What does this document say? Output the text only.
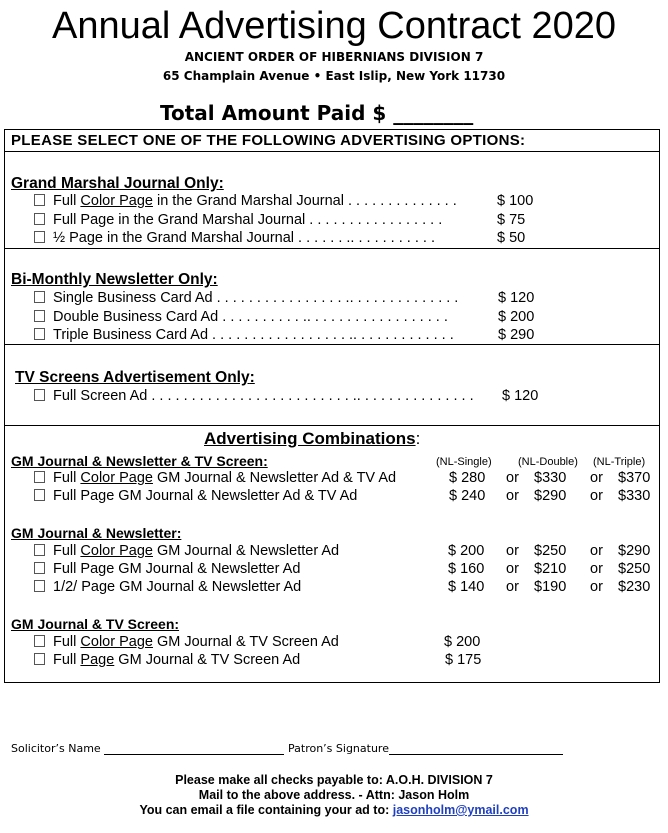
Annual Advertising Contract 2020
ANCIENT ORDER OF HIBERNIANS DIVISION 7
65 Champlain Avenue • East Islip, New York 11730
Total Amount Paid $ ________
PLEASE SELECT ONE OF THE FOLLOWING ADVERTISING OPTIONS:
Grand Marshal Journal Only:
Full Color Page in the Grand Marshal Journal . . . . . . . . . . . . . .	$ 100
Full Page in the Grand Marshal Journal . . . . . . . . . . . . . . . . .	$ 75
½ Page in the Grand Marshal Journal . . . . . . .. . . . . . . . . . .	$ 50
Bi-Monthly Newsletter Only:
Single Business Card Ad . . . . . . . . . . . . . . . . .. . . . . . . . . . . . . .	$ 120
Double Business Card Ad . . . . . . . . . . .. . . . . . . . . . . . . . . . . .	$ 200
Triple Business Card Ad . . . . . . . . . . . . . . . . . .. . . . . . . . . . . . .	$ 290
TV Screens Advertisement Only:
Full Screen Ad . . . . . . . . . . . . . . . . . . . . . . . . . .. . . . . . . . . . . . . . . $ 120
Advertising Combinations:
(NL-Single) (NL-Double) (NL-Triple)
GM Journal & Newsletter & TV Screen:
Full Color Page GM Journal & Newsletter Ad & TV Ad	$ 280 or $330 or $370
Full Page GM Journal & Newsletter Ad & TV Ad	$ 240 or $290 or $330
GM Journal & Newsletter:
Full Color Page GM Journal & Newsletter Ad	$ 200 or $250 or $290
Full Page GM Journal & Newsletter Ad	$ 160 or $210 or $250
1/2/ Page GM Journal & Newsletter Ad	$ 140 or $190 or $230
GM Journal & TV Screen:
Full Color Page GM Journal & TV Screen Ad	$ 200
Full Page GM Journal & TV Screen Ad	$ 175
Solicitor’s Name	Patron’s Signature
Please make all checks payable to: A.O.H. DIVISION 7
Mail to the above address. - Attn: Jason Holm
You can email a file containing your ad to: jasonholm@ymail.com
